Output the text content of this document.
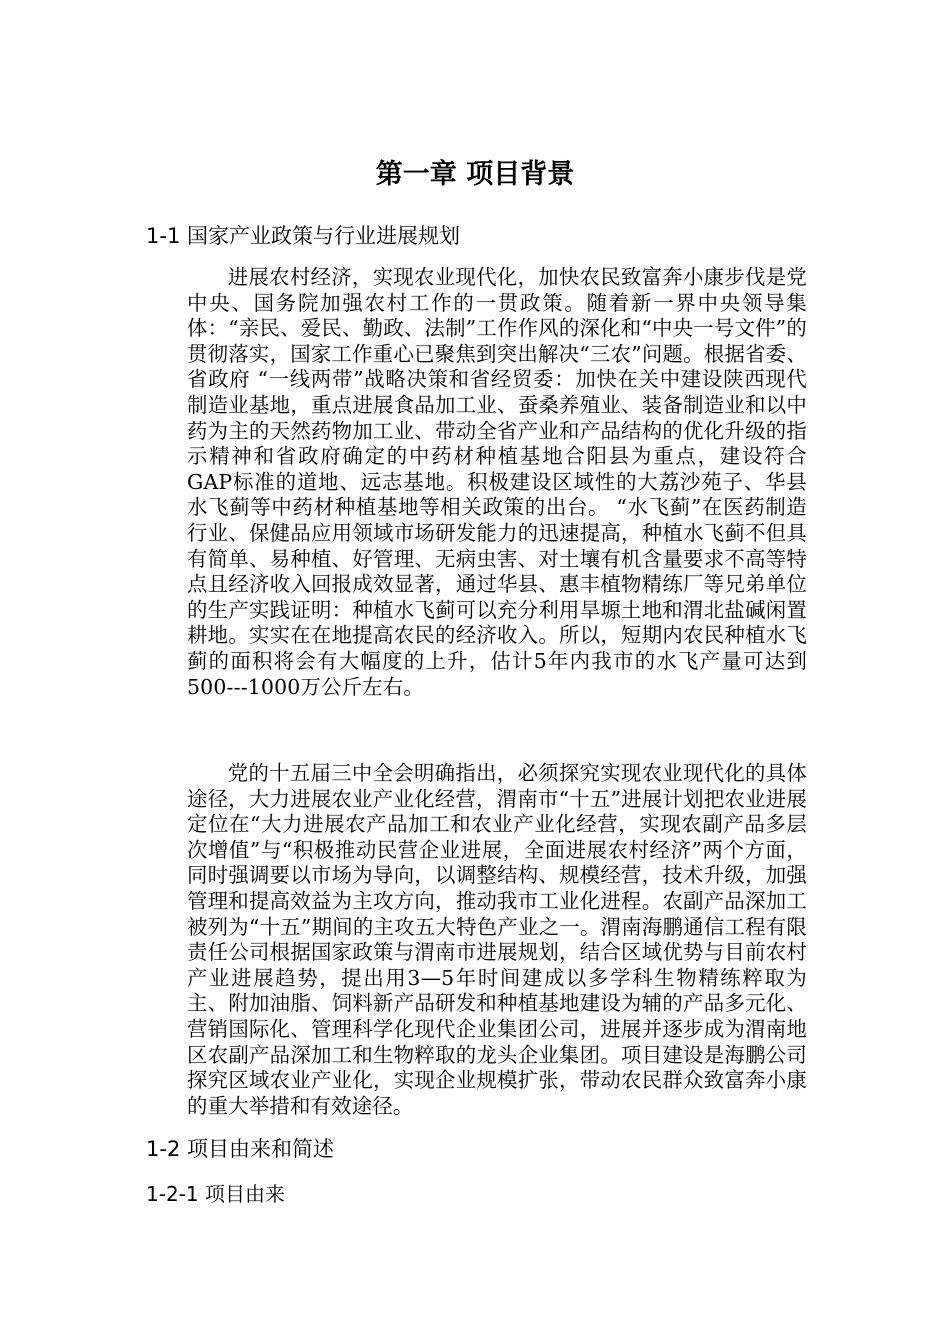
第一章 项目背景
1-1 国家产业政策与行业进展规划

进展农村经济，实现农业现代化，加快农民致富奔小康步伐是党中央、国务院加强农村工作的一贯政策。随着新一界中央领导集体：“亲民、爱民、勤政、法制”工作作风的深化和“中央一号文件”的贯彻落实，国家工作重心已聚焦到突出解决“三农”问题。根据省委、省政府 “一线两带”战略决策和省经贸委：加快在关中建设陕西现代制造业基地，重点进展食品加工业、蚕桑养殖业、装备制造业和以中药为主的天然药物加工业、带动全省产业和产品结构的优化升级的指示精神和省政府确定的中药材种植基地合阳县为重点，建设符合GAP标准的道地、远志基地。积极建设区域性的大荔沙苑子、华县水飞蓟等中药材种植基地等相关政策的出台。 “水飞蓟”在医药制造行业、保健品应用领域市场研发能力的迅速提高，种植水飞蓟不但具有简单、易种植、好管理、无病虫害、对土壤有机含量要求不高等特点且经济收入回报成效显著，通过华县、惠丰植物精练厂等兄弟单位的生产实践证明：种植水飞蓟可以充分利用旱塬土地和渭北盐碱闲置耕地。实实在在地提高农民的经济收入。所以，短期内农民种植水飞蓟的面积将会有大幅度的上升，估计5年内我市的水飞产量可达到500---1000万公斤左右。

党的十五届三中全会明确指出，必须探究实现农业现代化的具体途径，大力进展农业产业化经营，渭南市“十五”进展计划把农业进展定位在“大力进展农产品加工和农业产业化经营，实现农副产品多层次增值”与“积极推动民营企业进展，全面进展农村经济”两个方面，同时强调要以市场为导向，以调整结构、规模经营，技术升级，加强管理和提高效益为主攻方向，推动我市工业化进程。农副产品深加工被列为“十五”期间的主攻五大特色产业之一。渭南海鹏通信工程有限责任公司根据国家政策与渭南市进展规划，结合区域优势与目前农村产业进展趋势，提出用3—5年时间建成以多学科生物精练粹取为主、附加油脂、饲料新产品研发和种植基地建设为辅的产品多元化、营销国际化、管理科学化现代企业集团公司，进展并逐步成为渭南地区农副产品深加工和生物粹取的龙头企业集团。项目建设是海鹏公司探究区域农业产业化，实现企业规模扩张，带动农民群众致富奔小康的重大举措和有效途径。

1-2 项目由来和简述
1-2-1 项目由来
